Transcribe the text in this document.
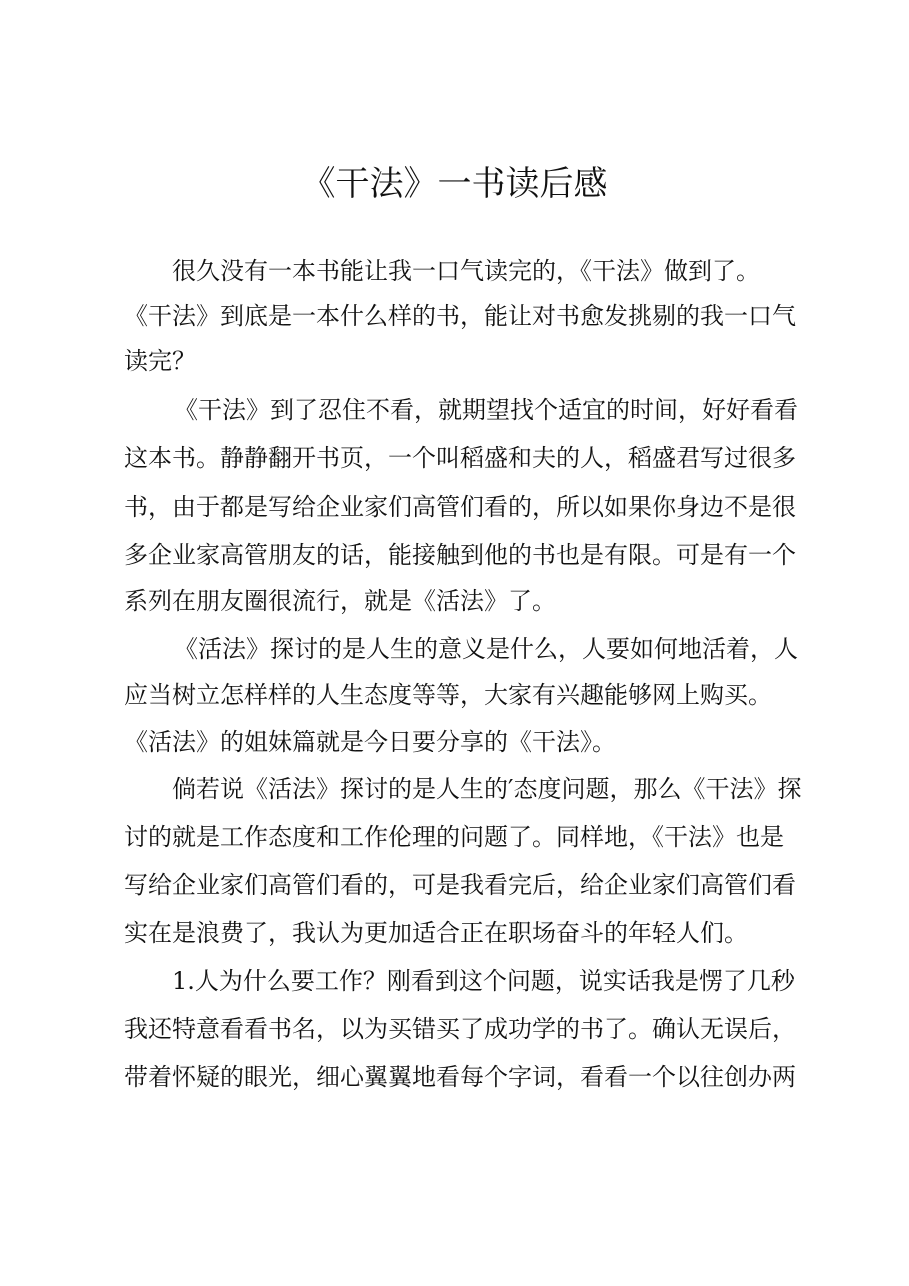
《干法》一书读后感

很久没有一本书能让我一口气读完的，《干法》做到了。

《干法》到底是一本什么样的书，能让对书愈发挑剔的我一口气

读完？

《干法》到了忍住不看，就期望找个适宜的时间，好好看看

这本书。静静翻开书页，一个叫稻盛和夫的人，稻盛君写过很多

书，由于都是写给企业家们高管们看的，所以如果你身边不是很

多企业家高管朋友的话，能接触到他的书也是有限。可是有一个

系列在朋友圈很流行，就是《活法》了。

《活法》探讨的是人生的意义是什么，人要如何地活着，人

应当树立怎样样的人生态度等等，大家有兴趣能够网上购买。

《活法》的姐妹篇就是今日要分享的《干法》。

倘若说《活法》探讨的是人生的′态度问题，那么《干法》探

讨的就是工作态度和工作伦理的问题了。同样地，《干法》也是

写给企业家们高管们看的，可是我看完后，给企业家们高管们看

实在是浪费了，我认为更加适合正在职场奋斗的年轻人们。

1.人为什么要工作？刚看到这个问题，说实话我是愣了几秒

我还特意看看书名，以为买错买了成功学的书了。确认无误后，

带着怀疑的眼光，细心翼翼地看每个字词，看看一个以往创办两
